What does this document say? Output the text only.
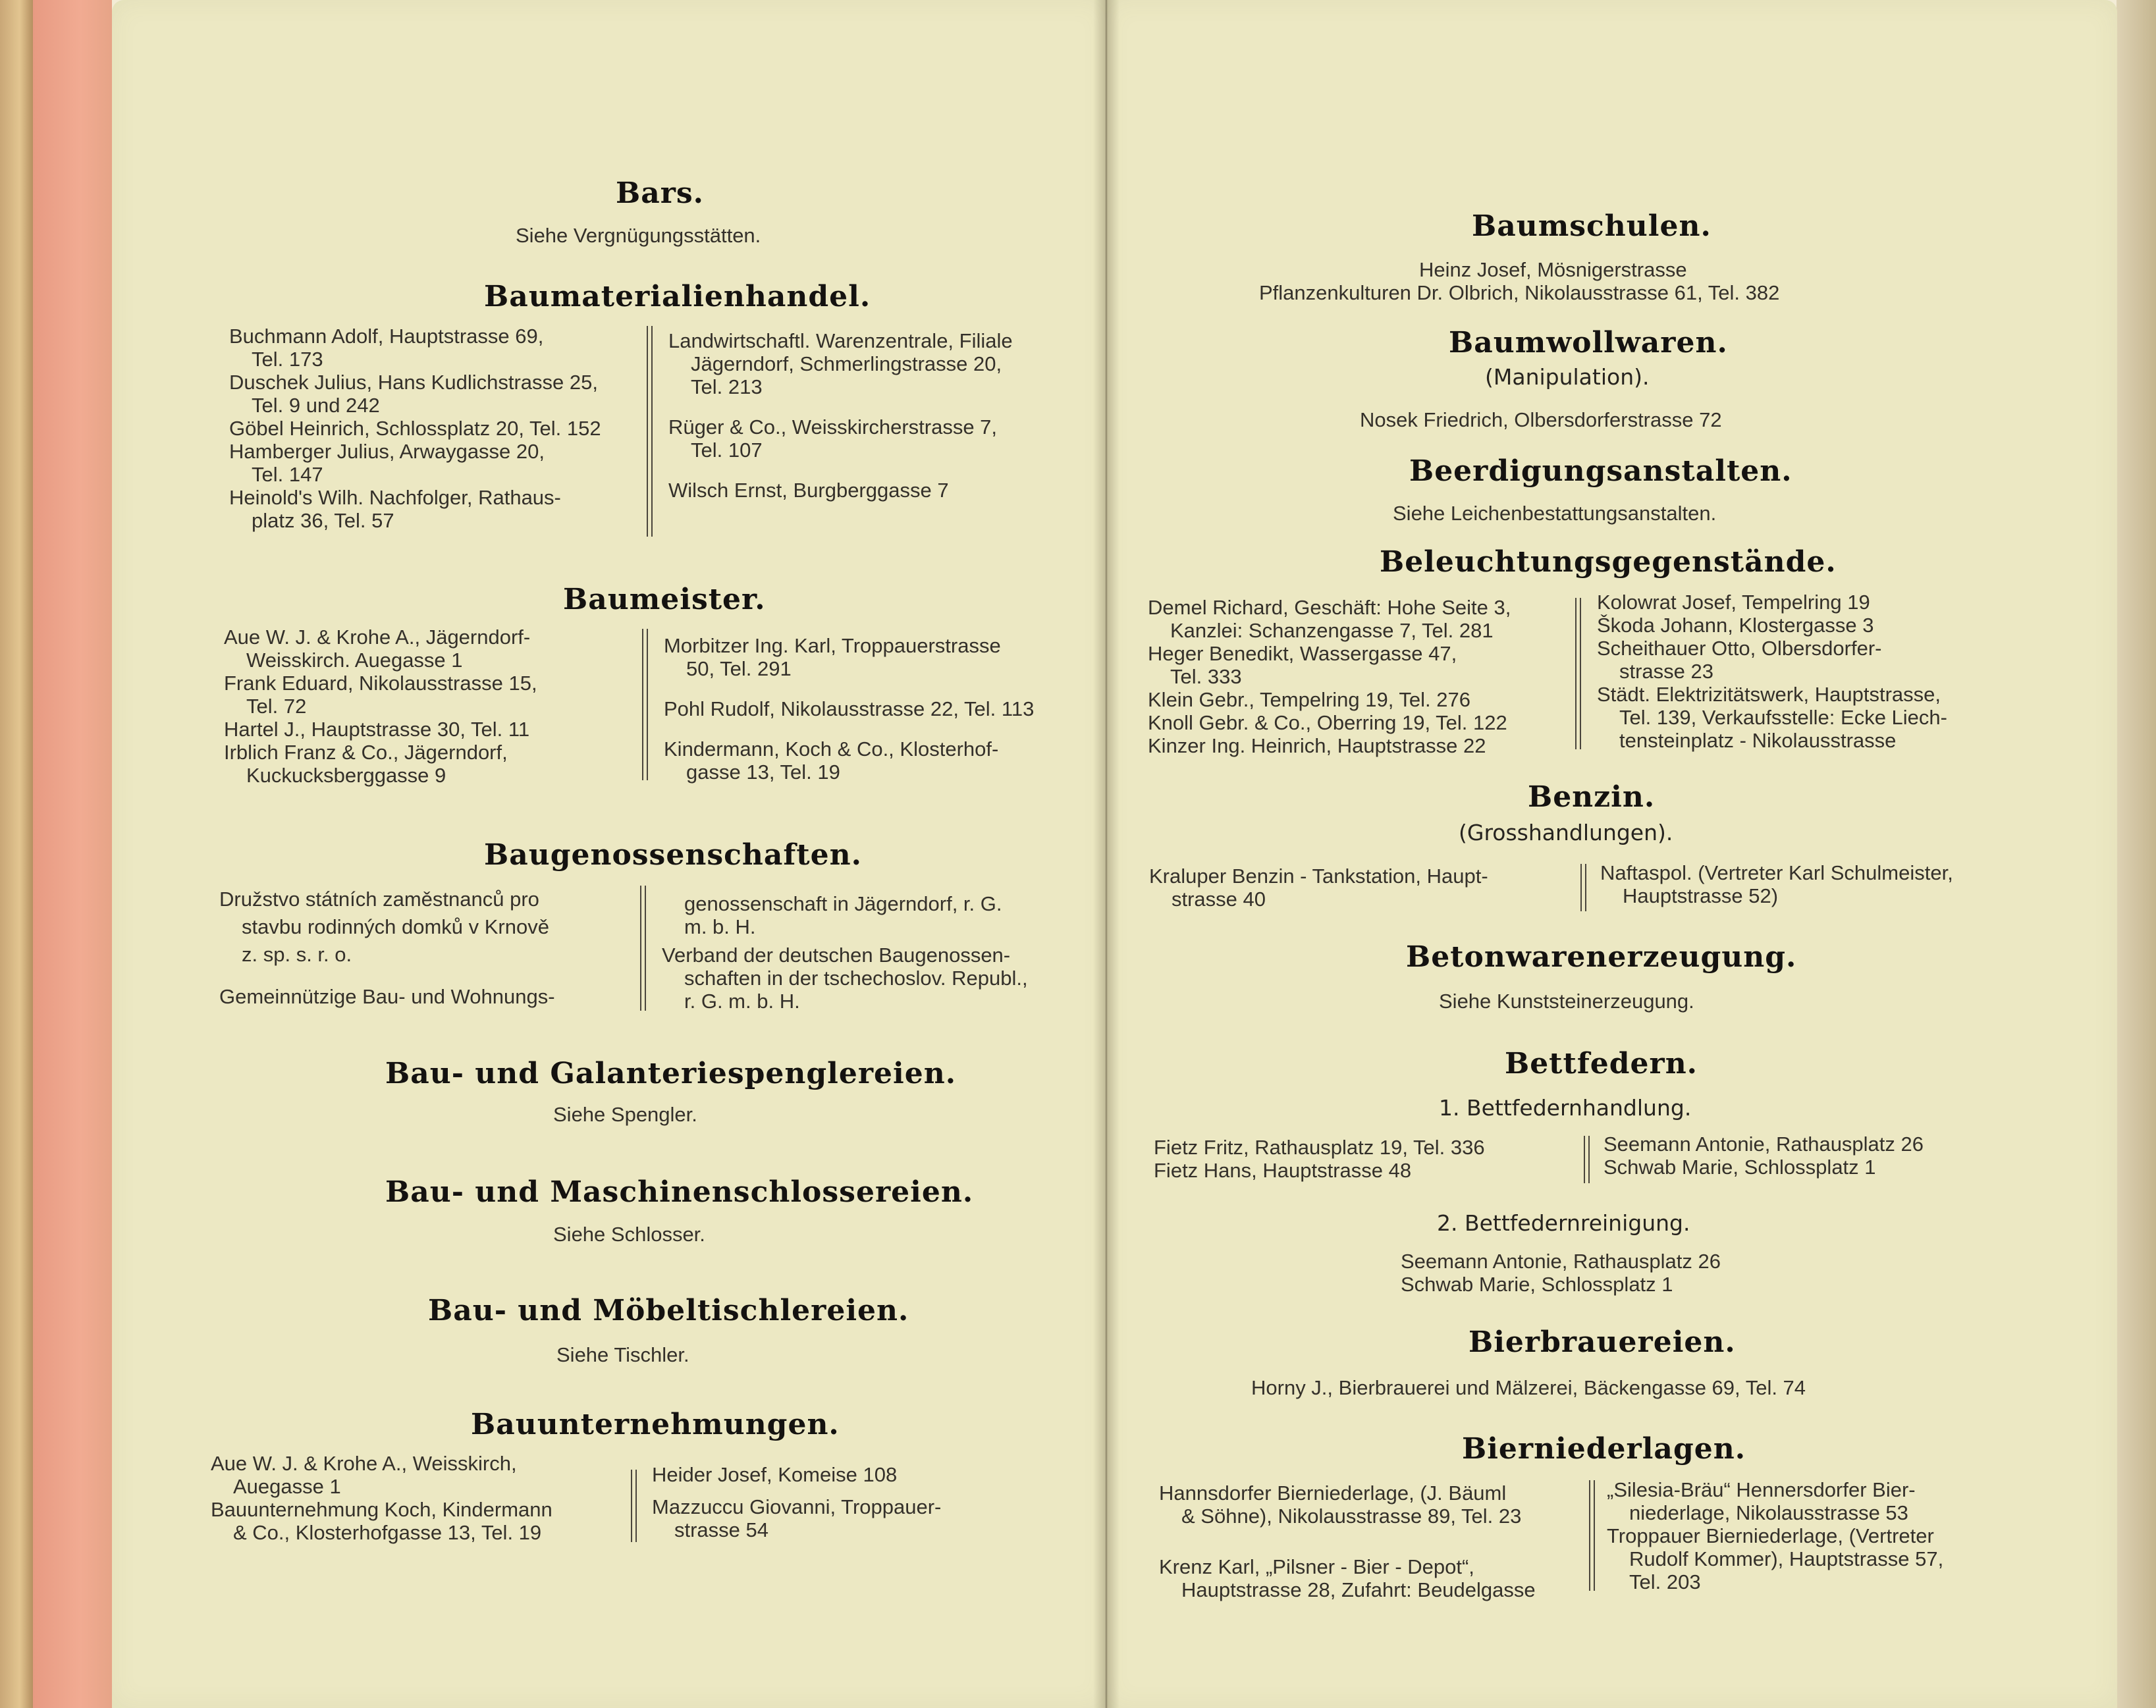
Bars.
Siehe Vergnügungsstätten.
Baumaterialienhandel.
Buchmann Adolf, Hauptstrasse 69,
Tel. 173
Duschek Julius, Hans Kudlichstrasse 25,
Tel. 9 und 242
Göbel Heinrich, Schlossplatz 20, Tel. 152
Hamberger Julius, Arwaygasse 20,
Tel. 147
Heinold's Wilh. Nachfolger, Rathaus-
platz 36, Tel. 57
Landwirtschaftl. Warenzentrale, Filiale
Jägerndorf, Schmerlingstrasse 20,
Tel. 213
Rüger & Co., Weisskircherstrasse 7,
Tel. 107
Wilsch Ernst, Burgberggasse 7
Baumeister.
Aue W. J. & Krohe A., Jägerndorf-
Weisskirch. Auegasse 1
Frank Eduard, Nikolausstrasse 15,
Tel. 72
Hartel J., Hauptstrasse 30, Tel. 11
Irblich Franz & Co., Jägerndorf,
Kuckucksberggasse 9
Morbitzer Ing. Karl, Troppauerstrasse
50, Tel. 291
Pohl Rudolf, Nikolausstrasse 22, Tel. 113
Kindermann, Koch & Co., Klosterhof-
gasse 13, Tel. 19
Baugenossenschaften.
Družstvo státních zaměstnanců pro
stavbu rodinných domků v Krnově
z. sp. s. r. o.
Gemeinnützige Bau- und Wohnungs-
genossenschaft in Jägerndorf, r. G.
m. b. H.
Verband der deutschen Baugenossen-
schaften in der tschechoslov. Republ.,
r. G. m. b. H.
Bau- und Galanteriespenglereien.
Siehe Spengler.
Bau- und Maschinenschlossereien.
Siehe Schlosser.
Bau- und Möbeltischlereien.
Siehe Tischler.
Bauunternehmungen.
Aue W. J. & Krohe A., Weisskirch,
Auegasse 1
Bauunternehmung Koch, Kindermann
& Co., Klosterhofgasse 13, Tel. 19
Heider Josef, Komeise 108
Mazzuccu Giovanni, Troppauer-
strasse 54
Baumschulen.
Heinz Josef, Mösnigerstrasse
Pflanzenkulturen Dr. Olbrich, Nikolausstrasse 61, Tel. 382
Baumwollwaren.
(Manipulation).
Nosek Friedrich, Olbersdorferstrasse 72
Beerdigungsanstalten.
Siehe Leichenbestattungsanstalten.
Beleuchtungsgegenstände.
Demel Richard, Geschäft: Hohe Seite 3,
Kanzlei: Schanzengasse 7, Tel. 281
Heger Benedikt, Wassergasse 47,
Tel. 333
Klein Gebr., Tempelring 19, Tel. 276
Knoll Gebr. & Co., Oberring 19, Tel. 122
Kinzer Ing. Heinrich, Hauptstrasse 22
Kolowrat Josef, Tempelring 19
Škoda Johann, Klostergasse 3
Scheithauer Otto, Olbersdorfer-
strasse 23
Städt. Elektrizitätswerk, Hauptstrasse,
Tel. 139, Verkaufsstelle: Ecke Liech-
tensteinplatz - Nikolausstrasse
Benzin.
(Grosshandlungen).
Kraluper Benzin - Tankstation, Haupt-
strasse 40
Naftaspol. (Vertreter Karl Schulmeister,
Hauptstrasse 52)
Betonwarenerzeugung.
Siehe Kunststeinerzeugung.
Bettfedern.
1. Bettfedernhandlung.
Fietz Fritz, Rathausplatz 19, Tel. 336
Fietz Hans, Hauptstrasse 48
Seemann Antonie, Rathausplatz 26
Schwab Marie, Schlossplatz 1
2. Bettfedernreinigung.
Seemann Antonie, Rathausplatz 26
Schwab Marie, Schlossplatz 1
Bierbrauereien.
Horny J., Bierbrauerei und Mälzerei, Bäckengasse 69, Tel. 74
Bierniederlagen.
Hannsdorfer Bierniederlage, (J. Bäuml
& Söhne), Nikolausstrasse 89, Tel. 23
Krenz Karl, „Pilsner - Bier - Depot“,
Hauptstrasse 28, Zufahrt: Beudelgasse
„Silesia-Bräu“ Hennersdorfer Bier-
niederlage, Nikolausstrasse 53
Troppauer Bierniederlage, (Vertreter
Rudolf Kommer), Hauptstrasse 57,
Tel. 203
